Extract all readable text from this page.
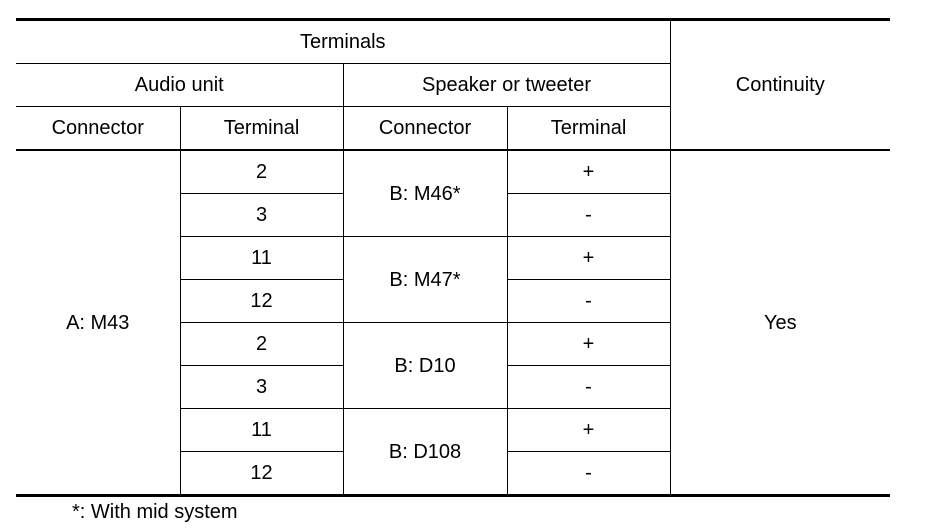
Terminals				Continuity
Audio unit		Speaker or tweeter		
Connector	Terminal	Connector	Terminal	
A: M43	2	B: M46*	+	Yes
	3		-	
	11	B: M47*	+	
	12		-	
	2	B: D10	+	
	3		-	
	11	B: D108	+	
	12		-	
*: With mid system
